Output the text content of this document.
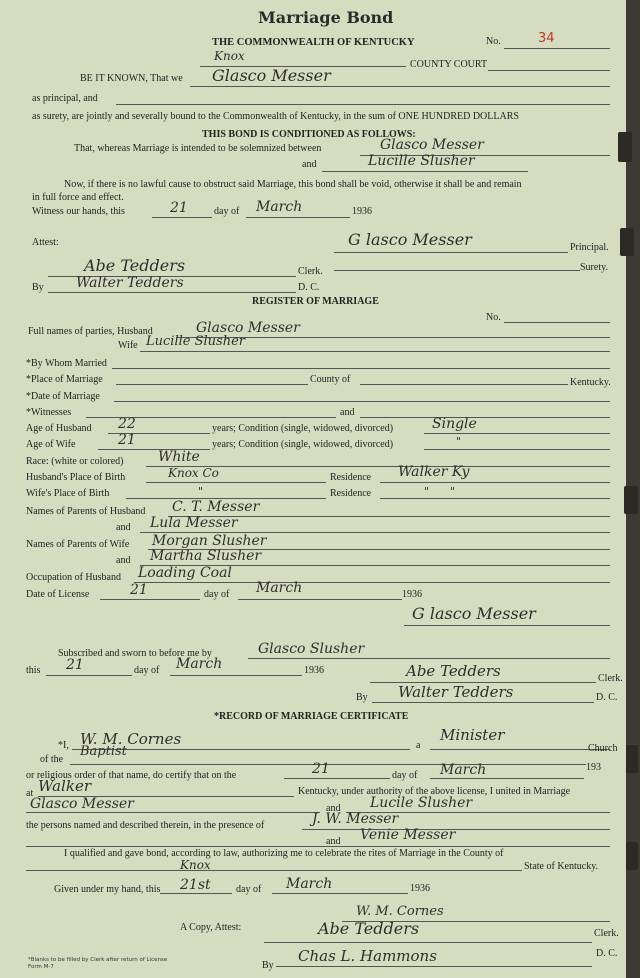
Marriage Bond
THE COMMONWEALTH OF KENTUCKY	No.	34
Knox
COUNTY COURT
BE IT KNOWN, That we Glasco Messer
as principal, and
as surety, are jointly and severally bound to the Commonwealth of Kentucky, in the sum of ONE HUNDRED DOLLARS
THIS BOND IS CONDITIONED AS FOLLOWS:
That, whereas Marriage is intended to be solemnized between	Glasco Messer
and	Lucille Slusher
Now, if there is no lawful cause to obstruct said Marriage, this bond shall be void, otherwise it shall be and remain
in full force and effect.
Witness our hands, this	21	day of March	1936
Attest:	G lasco Messer	Principal.
Surety.
Abe Tedders	Clerk.
By Walter Tedders	D. C.
REGISTER OF MARRIAGE
No.
Full names of parties, Husband	Glasco Messer
Wife Lucille Slusher
*By Whom Married
*Place of Marriage	County of	Kentucky.
*Date of Marriage
*Witnesses	and
Age of Husband 22	years; Condition (single, widowed, divorced)	Single
Age of Wife	21	years; Condition (single, widowed, divorced)	"
Race: (white or colored) White
Husband's Place of Birth	Knox Co	Residence Walker Ky
Wife's Place of Birth	"	Residence	"      "
Names of Parents of Husband C. T. Messer
and Lula Messer
Names of Parents of Wife Morgan Slusher
and Martha Slusher
Occupation of Husband Loading Coal
Date of License	21	day of March	1936
G lasco Messer
Subscribed and sworn to before me by	Glasco Slusher
this 21	day of March	1936	Abe Tedders	Clerk.
By Walter Tedders	D. C.
*RECORD OF MARRIAGE CERTIFICATE
*I, W. M. Cornes	a
Minister
of the
Baptist	Church
or religious order of that name, do certify that on the	21	day of March	193
at Walker	Kentucky, under authority of the above license, I united in Marriage
Glasco Messer	and Lucile Slusher
the persons named and described therein, in the presence of	J. W. Messer
and Venie Messer
I qualified and gave bond, according to law, authorizing me to celebrate the rites of Marriage in the County of
Knox	State of Kentucky.
Given under my hand, this 21st	day of March	1936
W. M. Cornes
A Copy, Attest:	Abe Tedders	Clerk.
By
Chas L. Hammons	D. C.
*Blanks to be filled by Clerk after return of License
Form M-7
